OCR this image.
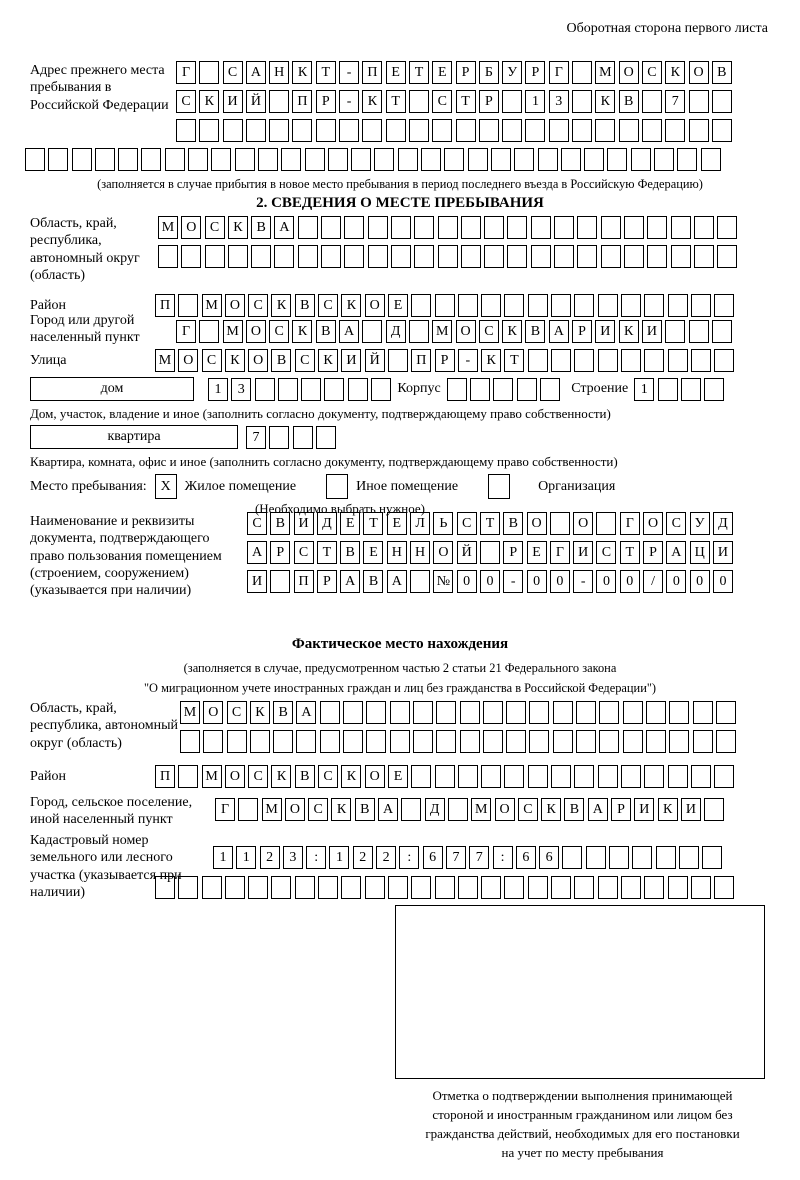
Оборотная сторона первого листа
Адрес прежнего места пребывания в Российской Федерации
Г	С А Н К	Т	-	П Е	Т	Е	Р	Б	У	Р	Г	М О С К О В
С К И Й	П	Р	-	К	Т	С	Т	Р	1	3	К В	7
(заполняется в случае прибытия в новое место пребывания в период последнего въезда в Российскую Федерацию)
2. СВЕДЕНИЯ О МЕСТЕ ПРЕБЫВАНИЯ
Область, край, республика, автономный округ (область)
М О С К В А
Район	П	М О С К В С К О Е
Город или другой населенный пункт	Г	М О С К В А	Д	М О С К В А	Р	И К И
Улица	М О С К О В С К И Й	П	Р	-	К	Т
дом	1	3	Корпус	Строение 1
Дом, участок, владение и иное (заполнить согласно документу, подтверждающему право собственности)
квартира	7
Квартира, комната, офис и иное (заполнить согласно документу, подтверждающему право собственности)
Место пребывания: X Жилое помещение	Иное помещение	Организация
(Необходимо выбрать нужное)
Наименование и реквизиты документа, подтверждающего право пользования помещением (строением, сооружением) (указывается при наличии)
С В И Д	Е	Т	Е	Л	Ь	С	Т	В О	О	Г	О С У Д
А	Р	С	Т	В	Е Н Н О Й	Р	Е	Г	И С	Т	Р	А Ц И
И	П	Р	А В А	№ 0	0	-	0	0	-	0	0	/	0	0	0
Фактическое место нахождения
(заполняется в случае, предусмотренном частью 2 статьи 21 Федерального закона
"О миграционном учете иностранных граждан и лиц без гражданства в Российской Федерации")
Область, край, республика, автономный округ (область)
М О С К В А
Район	П	М О С К В С К О Е
Город, сельское поселение, иной населенный пункт
Г	М О С К В А	Д	М О С К В А	Р	И К И
Кадастровый номер земельного или лесного участка (указывается при наличии)
1	1	2	3	:	1	2	2	:	6	7	7	:	6	6
Отметка о подтверждении выполнения принимающей
стороной и иностранным гражданином или лицом без
гражданства действий, необходимых для его постановки
на учет по месту пребывания
